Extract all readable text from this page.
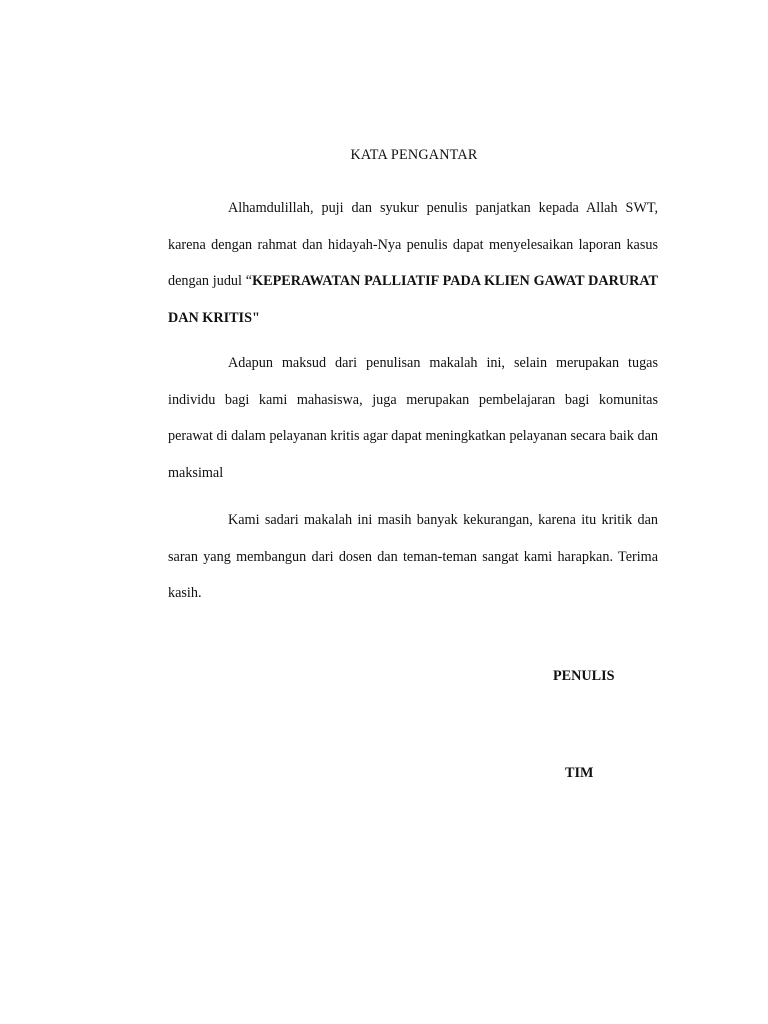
KATA PENGANTAR
Alhamdulillah, puji dan syukur penulis panjatkan kepada Allah SWT, karena dengan rahmat dan hidayah-Nya penulis dapat menyelesaikan laporan kasus dengan judul “KEPERAWATAN PALLIATIF PADA KLIEN GAWAT DARURAT DAN KRITIS"
Adapun maksud dari penulisan makalah ini, selain merupakan tugas individu bagi kami mahasiswa, juga merupakan pembelajaran bagi komunitas perawat di dalam pelayanan kritis agar dapat meningkatkan pelayanan secara baik dan maksimal
Kami sadari makalah ini masih banyak kekurangan, karena itu kritik dan saran yang membangun dari dosen dan teman-teman sangat kami harapkan. Terima kasih.
PENULIS
TIM
